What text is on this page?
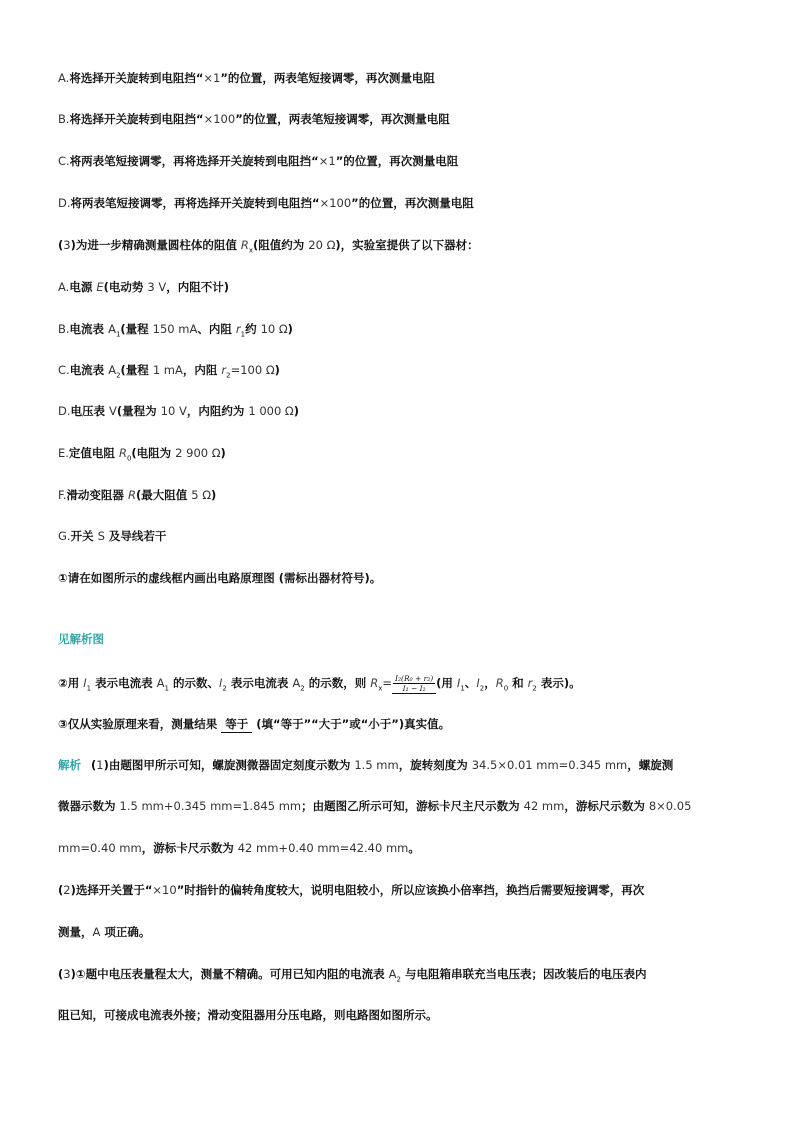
A.将选择开关旋转到电阻挡“×1”的位置，两表笔短接调零，再次测量电阻
B.将选择开关旋转到电阻挡“×100”的位置，两表笔短接调零，再次测量电阻
C.将两表笔短接调零，再将选择开关旋转到电阻挡“×1”的位置，再次测量电阻
D.将两表笔短接调零，再将选择开关旋转到电阻挡“×100”的位置，再次测量电阻
(3)为进一步精确测量圆柱体的阻值 $R_x$(阻值约为 20 Ω)，实验室提供了以下器材：
A.电源 E(电动势 3 V，内阻不计)
B.电流表 $A_1$(量程 150 mA、内阻 $r_1$约 10 Ω)
C.电流表 $A_2$(量程 1 mA，内阻 $r_2=100$ Ω)
D.电压表 V(量程为 10 V，内阻约为 1 000 Ω)
E.定值电阻 $R_0$(电阻为 2 900 Ω)
F.滑动变阻器 R(最大阻值 5 Ω)
G.开关 S 及导线若干
①请在如图所示的虚线框内画出电路原理图 (需标出器材符号)。
见解析图
②用 $I_1$ 表示电流表 $A_1$ 的示数、$I_2$ 表示电流表 $A_2$ 的示数，则 $R_x= \frac{\text{I₂(R₀ + r₂)}}{\text{I₁ − I₂}}$ (用 $I_1$、$I_2$，$R_0$ 和 $r_2$ 表示)。
③仅从实验原理来看，测量结果 等于 (填“等于”“大于”或“小于”)真实值。
解析 (1)由题图甲所示可知，螺旋测微器固定刻度示数为 1.5 mm，旋转刻度为 34.5×0.01 mm=0.345 mm，螺旋测
微器示数为 1.5 mm+0.345 mm=1.845 mm；由题图乙所示可知，游标卡尺主尺示数为 42 mm，游标尺示数为 8×0.05
mm=0.40 mm，游标卡尺示数为 42 mm+0.40 mm=42.40 mm。
(2)选择开关置于“×10”时指针的偏转角度较大，说明电阻较小，所以应该换小倍率挡，换挡后需要短接调零，再次
测量，A 项正确。
(3)①题中电压表量程太大，测量不精确。可用已知内阻的电流表 $A_2$ 与电阻箱串联充当电压表；因改装后的电压表内
阻已知，可接成电流表外接；滑动变阻器用分压电路，则电路图如图所示。
